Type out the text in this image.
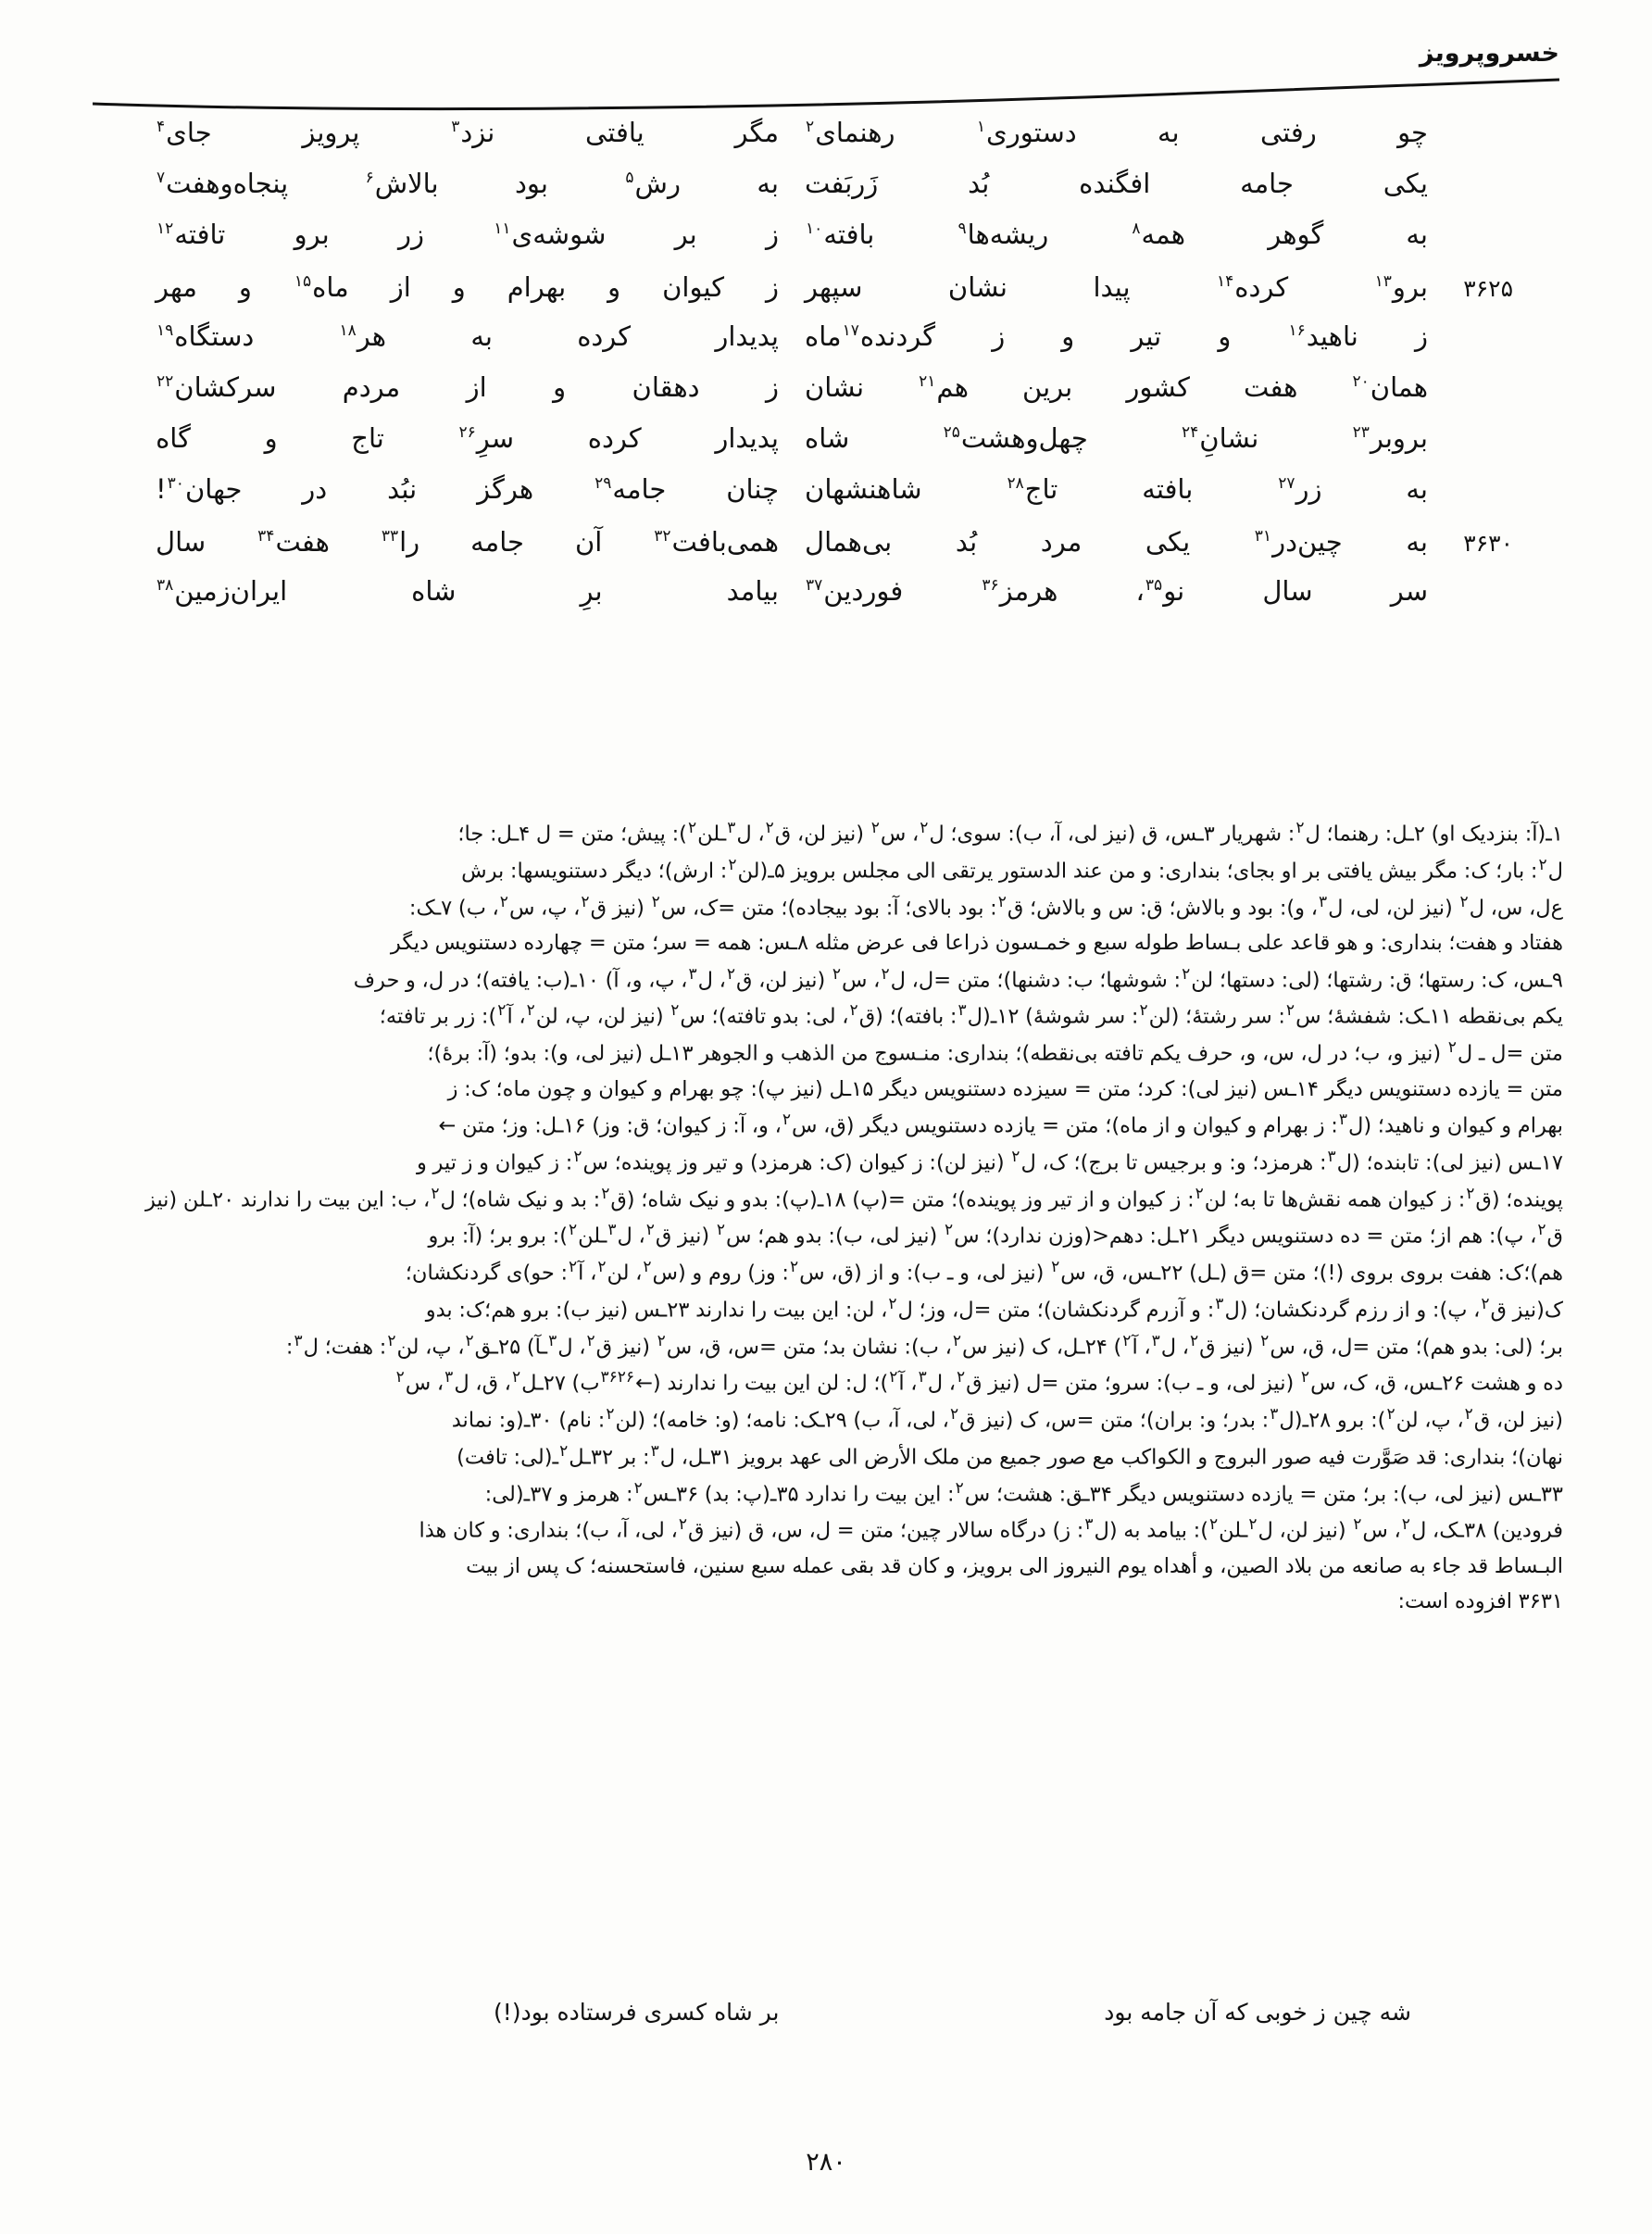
خسروپرویز
چو
رفتی
به
دستوری$^۱$
رهنمای$^۲$
مگر
یافتی
نزد$^۳$
پرویز
جای$^۴$
یکی
جامه
افگنده
بُد
زَربَفت
به
رش$^۵$
بود
بالاش$^۶$
پنجاه‌وهفت$^۷$
به
گوهر
همه$^۸$
ریشه‌ها$^۹$
بافته$^{۱۰}$
ز
بر
شوشه‌ی$^{۱۱}$
زر
برو
تافته$^{۱۲}$
۳۶۲۵
برو$^{۱۳}$
کرده$^{۱۴}$
پیدا
نشان
سپهر
ز
کیوان
و
بهرام
و
از
ماه$^{۱۵}$
و
مهر
ز
ناهید$^{۱۶}$
و
تیر
و
ز
گردنده$^{۱۷}$ماه
پدیدار
کرده
به
هر$^{۱۸}$
دستگاه$^{۱۹}$
همان$^{۲۰}$
هفت
کشور
برین
هم$^{۲۱}$
نشان
ز
دهقان
و
از
مردم
سرکشان$^{۲۲}$
برو‌بر$^{۲۳}$
نشانِ$^{۲۴}$
چهل‌وهشت$^{۲۵}$
شاه
پدیدار
کرده
سرِ$^{۲۶}$
تاج
و
گاه
به
زر$^{۲۷}$
بافته
تاج$^{۲۸}$
شاهنشهان
چنان
جامه$^{۲۹}$
هرگز
نبُد
در
جهان$^{۳۰}$!
۳۶۳۰
به
چین‌در$^{۳۱}$
یکی
مرد
بُد
بی‌همال
همی‌بافت$^{۳۲}$
آن
جامه
را$^{۳۳}$
هفت$^{۳۴}$
سال
سر
سال
نو$^{۳۵}$،
هرمز$^{۳۶}$
فوردین$^{۳۷}$
بیامد
برِ
شاه
ایران‌زمین$^{۳۸}$

۱ـ(آ: بنزدیک او) ۲ـل: رهنما؛ ل$^۲$: شهریار ۳ـس، ق (نیز لی، آ، ب): سوی؛ ل$^۲$، س$^۲$ (نیز لن، ق$^۲$، ل$^۳$ـلن$^۲$): پیش؛ متن = ل ۴ـل: جا؛
ل$^۲$: بار؛ ک: مگر بیش یافتی بر او بجای؛ بنداری: و من عند الدستور یرتقی الی مجلس برویز ۵ـ(لن$^۲$: ارش)؛ دیگر دستنویسها: برش
ع‌ل، س، ل$^۲$ (نیز لن، لی، ل$^۳$، و): بود و بالاش؛ ق: س و بالاش؛ ق$^۲$: بود بالای؛ آ: بود بیجاده)؛ متن =ک، س$^۲$ (نیز ق$^۲$، پ، س$^۲$، ب) ۷ـک:
هفتاد و هفت؛ بنداری: و هو قاعد علی بـساط طوله سبع و خمـسون ذراعا فی عرض مثله ۸ـس: همه = سر؛ متن = چهارده دستنویس دیگر
۹ـس، ک: رستها؛ ق: رشتها؛ (لی: دستها؛ لن$^۲$: شوشها؛ ب: دشنها)؛ متن =ل، ل$^۲$، س$^۲$ (نیز لن، ق$^۲$، ل$^۳$، پ، و، آ) ۱۰ـ(ب: یافته)؛ در ل، و حرف
یکم بی‌نقطه ۱۱ـک: شفشهٔ؛ س$^۲$: سر رشتهٔ؛ (لن$^۲$: سر شوشهٔ) ۱۲ـ(ل$^۳$: بافته)؛ (ق$^۲$، لی: بدو تافته)؛ س$^۲$ (نیز لن، پ، لن$^۲$، آ$^۲$): زر بر تافته؛
متن =ل ـ ل$^۲$ (نیز و، ب؛ در ل، س، و، حرف یکم تافته بی‌نقطه)؛ بنداری: منـسوج من الذهب و الجوهر ۱۳ـل (نیز لی، و): بدو؛ (آ: برهٔ)؛
متن = یازده دستنویس دیگر ۱۴ـس (نیز لی): کرد؛ متن = سیزده دستنویس دیگر ۱۵ـل (نیز پ): چو بهرام و کیوان و چون ماه؛ ک: ز
بهرام و کیوان و ناهید؛ (ل$^۳$: ز بهرام و کیوان و از ماه)؛ متن = یازده دستنویس دیگر (ق، س$^۲$، و، آ: ز کیوان؛ ق: وز) ۱۶ـل: وز؛ متن ←
۱۷ـس (نیز لی): تابنده؛ (ل$^۳$: هرمزد؛ و: و برجیس تا برج)؛ ک، ل$^۲$ (نیز لن): ز کیوان (ک: هرمزد) و تیر وز پوینده؛ س$^۲$: ز کیوان و ز تیر و
پوینده؛ (ق$^۲$: ز کیوان همه نقش‌ها تا به؛ لن$^۲$: ز کیوان و از تیر وز پوینده)؛ متن =(پ) ۱۸ـ(پ): بدو و نیک شاه؛ (ق$^۲$: بد و نیک شاه)؛ ل$^۲$، ب: این بیت را ندارند ۲۰ـلن (نیز
ق$^۲$، پ): هم از؛ متن = ده دستنویس دیگر ۲۱ـل: دهم<(وزن ندارد)؛ س$^۲$ (نیز لی، ب): بدو هم؛ س$^۲$ (نیز ق$^۲$، ل$^۳$ـلن$^۲$): برو بر؛ (آ: برو
هم)؛ک: هفت بروی بروی (!)؛ متن =ق (ـل) ۲۲ـس، ق، س$^۲$ (نیز لی، و ـ ب): و از (ق، س$^۲$: وز) روم و (س$^۲$، لن$^۲$، آ$^۲$: حو)ی گردنکشان؛
ک(نیز ق$^۲$، پ): و از رزم گردنکشان؛ (ل$^۳$: و آزرم گردنکشان)؛ متن =ل، وز؛ ل$^۲$، لن: این بیت را ندارند ۲۳ـس (نیز ب): برو هم؛ک: بدو
بر؛ (لی: بدو هم)؛ متن =ل، ق، س$^۲$ (نیز ق$^۲$، ل$^۳$، آ$^۲$) ۲۴ـل، ک (نیز س$^۲$، ب): نشان بد؛ متن =س، ق، س$^۲$ (نیز ق$^۲$، ل$^۳$ـآ) ۲۵ـق$^۲$، پ، لن$^۲$: هفت؛ ل$^۳$:
ده و هشت ۲۶ـس، ق، ک، س$^۲$ (نیز لی، و ـ ب): سرو؛ متن =ل (نیز ق$^۲$، ل$^۳$، آ$^۲$)؛ ل: لن این بیت را ندارند (←$^{۳۶۲۶}$ب) ۲۷ـل$^۲$، ق، ل$^۳$، س$^۲$
(نیز لن، ق$^۲$، پ، لن$^۲$): برو ۲۸ـ(ل$^۳$: بدر؛ و: بران)؛ متن =س، ک (نیز ق$^۲$، لی، آ، ب) ۲۹ـک: نامه؛ (و: خامه)؛ (لن$^۲$: نام) ۳۰ـ(و: نماند
نهان)؛ بنداری: قد صَوَّرت فیه صور البروج و الکواکب مع صور جميع من ملک الأرض الی عهد برویز ۳۱ـل، ل$^۳$: بر ۳۲ـل$^۲$ـ(لی: تافت)
۳۳ـس (نیز لی، ب): بر؛ متن = یازده دستنویس دیگر ۳۴ـق: هشت؛ س$^۲$: این بیت را ندارد ۳۵ـ(پ: بد) ۳۶ـس$^۲$: هرمز و ۳۷ـ(لی:
فرودین) ۳۸ـک، ل$^۲$، س$^۲$ (نیز لن، ل$^۲$ـلن$^۲$): بیامد به (ل$^۳$: ز) درگاه سالار چین؛ متن = ل، س، ق (نیز ق$^۲$، لی، آ، ب)؛ بنداری: و کان هذا
البـساط قد جاء به صانعه من بلاد الصین، و أهداه يوم النيروز الی برویز، و کان قد بقی عمله سبع سنین، فاستحسنه؛ ک پس از بیت
۳۶۳۱ افزوده است:

شه چین ز خوبی که آن جامه بود
بر شاه کسری فرستاده بود(!)
۲۸۰
